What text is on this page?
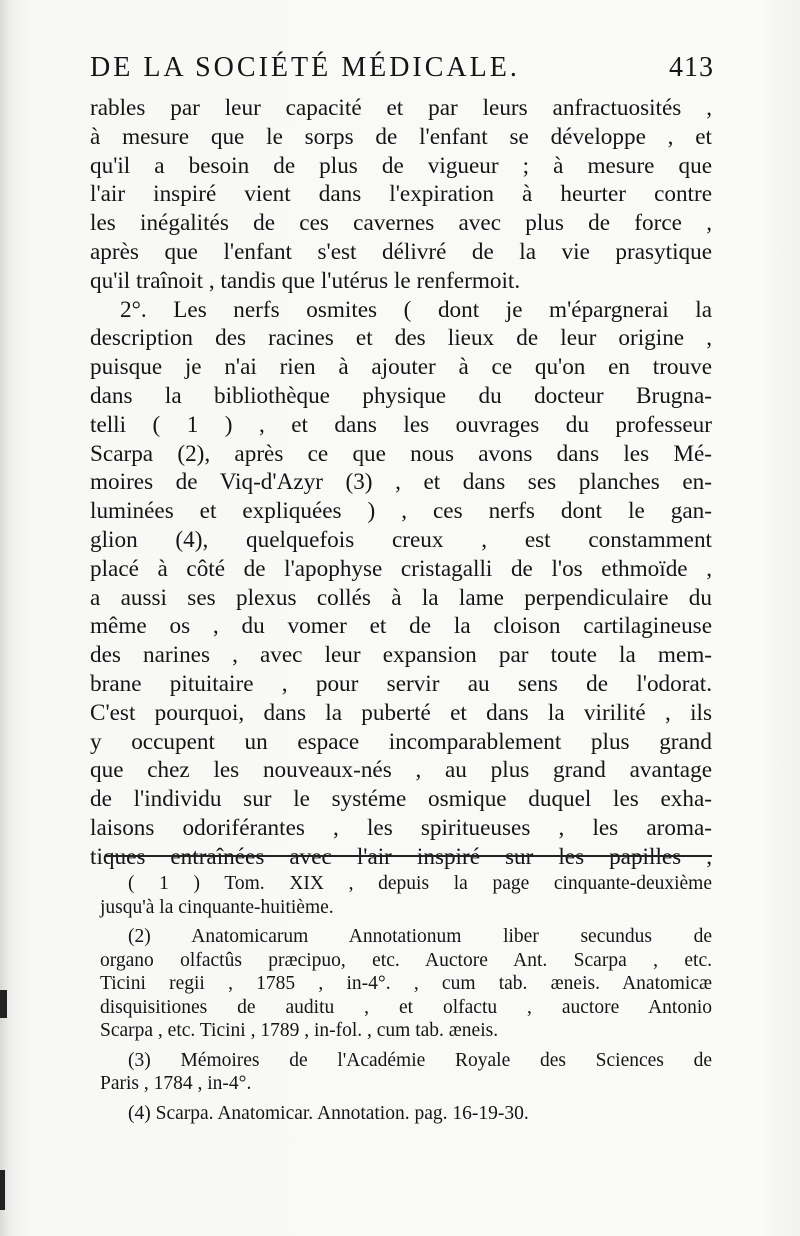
DE LA SOCIÉTÉ MÉDICALE.	413
rables par leur capacité et par leurs anfractuosités ,
à mesure que le sorps de l'enfant se développe , et
qu'il a besoin de plus de vigueur ; à mesure que
l'air inspiré vient dans l'expiration à heurter contre
les inégalités de ces cavernes avec plus de force ,
après que l'enfant s'est délivré de la vie prasytique
qu'il traînoit , tandis que l'utérus le renfermoit.
2°. Les nerfs osmites ( dont je m'épargnerai la
description des racines et des lieux de leur origine ,
puisque je n'ai rien à ajouter à ce qu'on en trouve
dans la bibliothèque physique du docteur Brugna-
telli ( 1 ) , et dans les ouvrages du professeur
Scarpa (2), après ce que nous avons dans les Mé-
moires de Viq-d'Azyr (3) , et dans ses planches en-
luminées et expliquées ) , ces nerfs dont le gan-
glion (4), quelquefois creux , est constamment
placé à côté de l'apophyse cristagalli de l'os ethmoïde ,
a aussi ses plexus collés à la lame perpendiculaire du
même os , du vomer et de la cloison cartilagineuse
des narines , avec leur expansion par toute la mem-
brane pituitaire , pour servir au sens de l'odorat.
C'est pourquoi, dans la puberté et dans la virilité , ils
y occupent un espace incomparablement plus grand
que chez les nouveaux-nés , au plus grand avantage
de l'individu sur le systéme osmique duquel les exha-
laisons odoriférantes , les spiritueuses , les aroma-
tiques entraînées avec l'air inspiré sur les papilles ,
( 1 ) Tom. XIX , depuis la page cinquante-deuxième
jusqu'à la cinquante-huitième.
(2) Anatomicarum Annotationum liber secundus de
organo olfactûs præcipuo, etc. Auctore Ant. Scarpa , etc.
Ticini regii , 1785 , in-4°. , cum tab. æneis. Anatomicæ
disquisitiones de auditu , et olfactu , auctore Antonio
Scarpa , etc. Ticini , 1789 , in-fol. , cum tab. æneis.
(3) Mémoires de l'Académie Royale des Sciences de
Paris , 1784 , in-4°.
(4) Scarpa. Anatomicar. Annotation. pag. 16-19-30.
